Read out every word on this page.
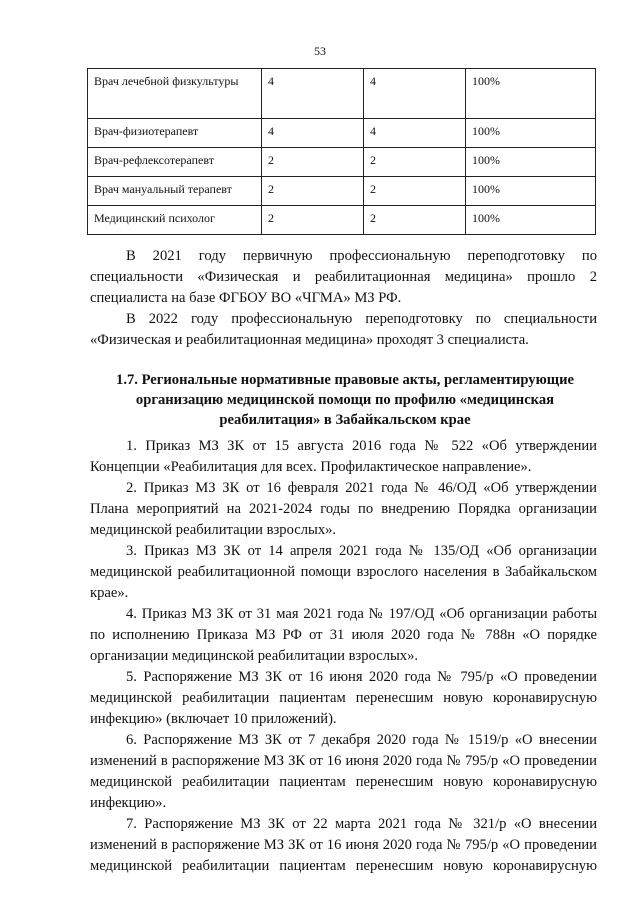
53
Врач лечебной физкультуры	4	4	100%
Врач-физиотерапевт	4	4	100%
Врач-рефлексотерапевт	2	2	100%
Врач мануальный терапевт	2	2	100%
Медицинский психолог	2	2	100%

В 2021 году первичную профессиональную переподготовку по специальности «Физическая и реабилитационная медицина» прошло 2 специалиста на базе ФГБОУ ВО «ЧГМА» МЗ РФ.

В 2022 году профессиональную переподготовку по специальности «Физическая и реабилитационная медицина» проходят 3 специалиста.

1.7. Региональные нормативные правовые акты, регламентирующие организацию медицинской помощи по профилю «медицинская реабилитация» в Забайкальском крае

1. Приказ МЗ ЗК от 15 августа 2016 года № 522 «Об утверждении Концепции «Реабилитация для всех. Профилактическое направление».

2. Приказ МЗ ЗК от 16 февраля 2021 года № 46/ОД «Об утверждении Плана мероприятий на 2021-2024 годы по внедрению Порядка организации медицинской реабилитации взрослых».

3. Приказ МЗ ЗК от 14 апреля 2021 года № 135/ОД «Об организации медицинской реабилитационной помощи взрослого населения в Забайкальском крае».

4. Приказ МЗ ЗК от 31 мая 2021 года № 197/ОД «Об организации работы по исполнению Приказа МЗ РФ от 31 июля 2020 года № 788н «О порядке организации медицинской реабилитации взрослых».

5. Распоряжение МЗ ЗК от 16 июня 2020 года № 795/р «О проведении медицинской реабилитации пациентам перенесшим новую коронавирусную инфекцию» (включает 10 приложений).

6. Распоряжение МЗ ЗК от 7 декабря 2020 года № 1519/р «О внесении изменений в распоряжение МЗ ЗК от 16 июня 2020 года № 795/р «О проведении медицинской реабилитации пациентам перенесшим новую коронавирусную инфекцию».

7. Распоряжение МЗ ЗК от 22 марта 2021 года № 321/р «О внесении изменений в распоряжение МЗ ЗК от 16 июня 2020 года № 795/р «О проведении медицинской реабилитации пациентам перенесшим новую коронавирусную
